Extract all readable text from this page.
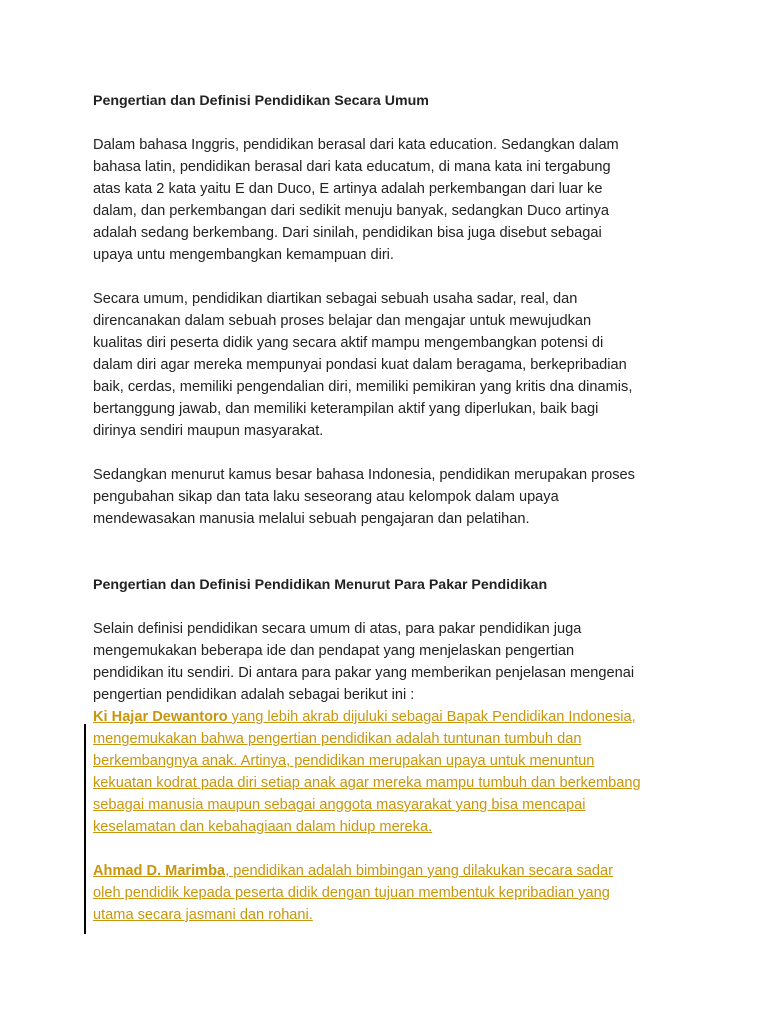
Pengertian dan Definisi Pendidikan Secara Umum

Dalam bahasa Inggris, pendidikan berasal dari kata education. Sedangkan dalam
bahasa latin, pendidikan berasal dari kata educatum, di mana kata ini tergabung
atas kata 2 kata yaitu E dan Duco, E artinya adalah perkembangan dari luar ke
dalam, dan perkembangan dari sedikit menuju banyak, sedangkan Duco artinya
adalah sedang berkembang. Dari sinilah, pendidikan bisa juga disebut sebagai
upaya untu mengembangkan kemampuan diri.
Secara umum, pendidikan diartikan sebagai sebuah usaha sadar, real, dan
direncanakan dalam sebuah proses belajar dan mengajar untuk mewujudkan
kualitas diri peserta didik yang secara aktif mampu mengembangkan potensi di
dalam diri agar mereka mempunyai pondasi kuat dalam beragama, berkepribadian
baik, cerdas, memiliki pengendalian diri, memiliki pemikiran yang kritis dna dinamis,
bertanggung jawab, dan memiliki keterampilan aktif yang diperlukan, baik bagi
dirinya sendiri maupun masyarakat.
Sedangkan menurut kamus besar bahasa Indonesia, pendidikan merupakan proses
pengubahan sikap dan tata laku seseorang atau kelompok dalam upaya
mendewasakan manusia melalui sebuah pengajaran dan pelatihan.

Pengertian dan Definisi Pendidikan Menurut Para Pakar Pendidikan

Selain definisi pendidikan secara umum di atas, para pakar pendidikan juga
mengemukakan beberapa ide dan pendapat yang menjelaskan pengertian
pendidikan itu sendiri. Di antara para pakar yang memberikan penjelasan mengenai
pengertian pendidikan adalah sebagai berikut ini :
Ki Hajar Dewantoro yang lebih akrab dijuluki sebagai Bapak Pendidikan Indonesia,
mengemukakan bahwa pengertian pendidikan adalah tuntunan tumbuh dan
berkembangnya anak. Artinya, pendidikan merupakan upaya untuk menuntun
kekuatan kodrat pada diri setiap anak agar mereka mampu tumbuh dan berkembang
sebagai manusia maupun sebagai anggota masyarakat yang bisa mencapai
keselamatan dan kebahagiaan dalam hidup mereka.
Ahmad D. Marimba, pendidikan adalah bimbingan yang dilakukan secara sadar
oleh pendidik kepada peserta didik dengan tujuan membentuk kepribadian yang
utama secara jasmani dan rohani.
